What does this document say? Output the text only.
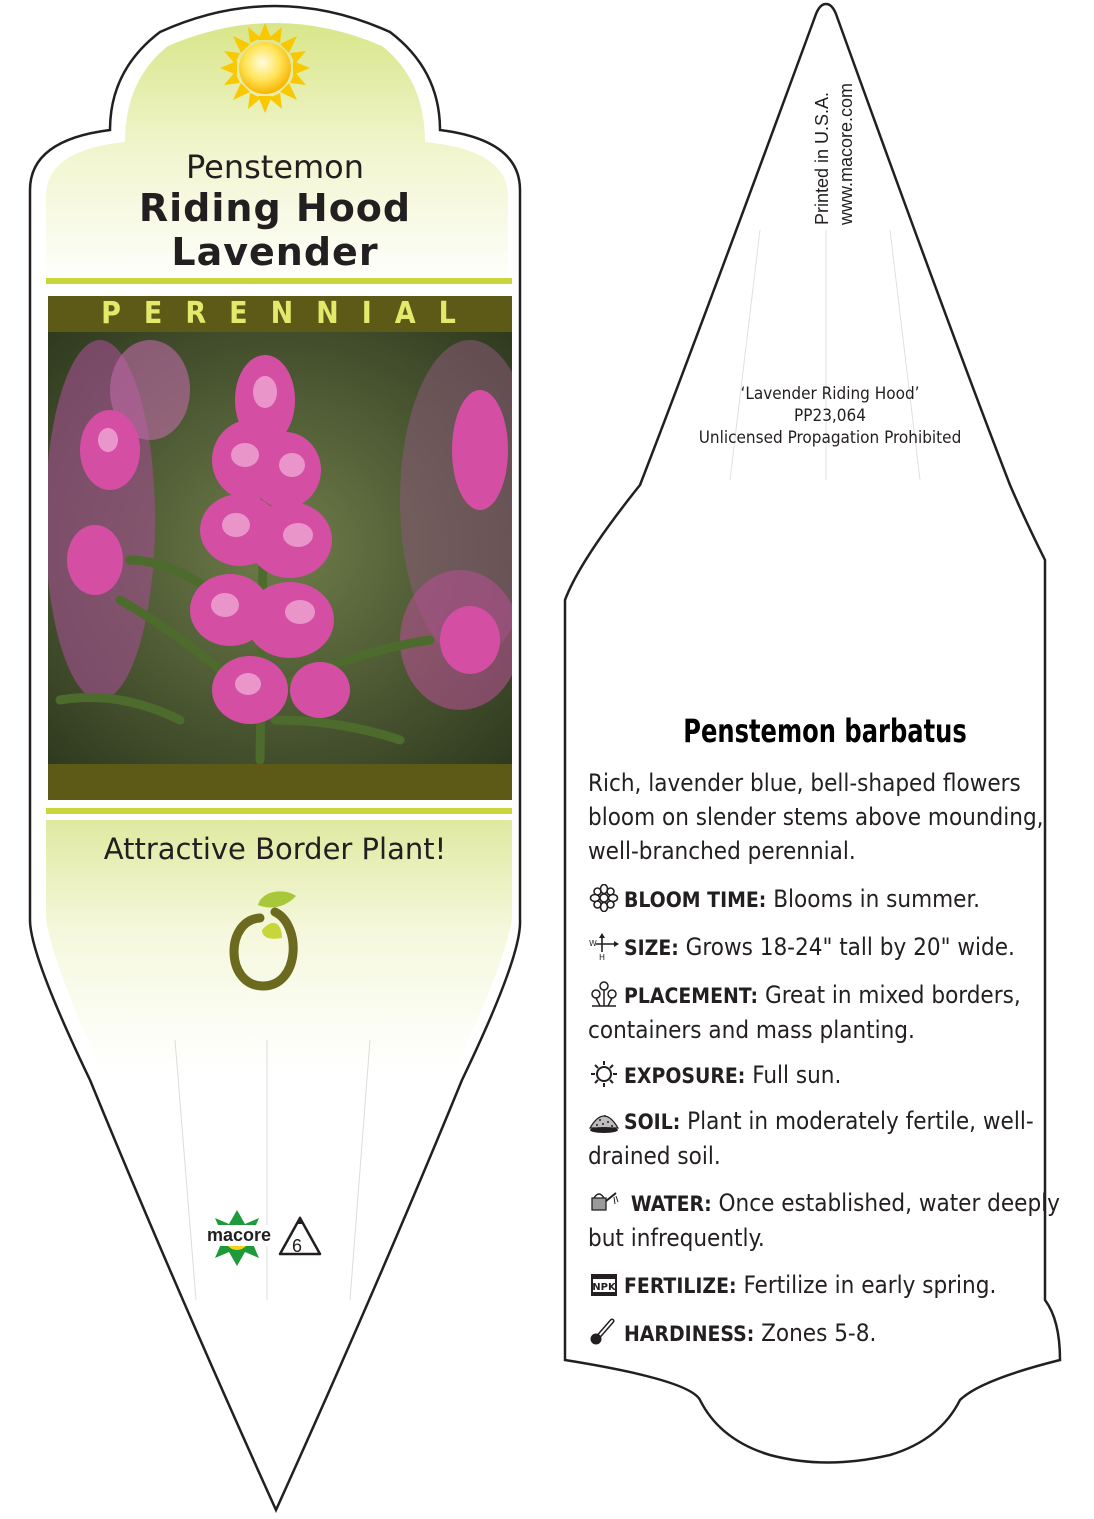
Penstemon
Riding Hood
Lavender
PERENNIAL
Attractive Border Plant!
macore
6
Printed in U.S.A. www.macore.com
‘Lavender Riding Hood’
PP23,064
Unlicensed Propagation Prohibited
Penstemon barbatus
Rich, lavender blue, bell-shaped flowers bloom on slender stems above mounding, well-branched perennial.
BLOOM TIME: Blooms in summer.
W
H SIZE: Grows 18-24" tall by 20" wide.
PLACEMENT: Great in mixed borders, containers and mass planting.
EXPOSURE: Full sun.
SOIL: Plant in moderately fertile, well-drained soil.
WATER: Once established, water deeply but infrequently.
NPK FERTILIZE: Fertilize in early spring.
HARDINESS: Zones 5-8.
